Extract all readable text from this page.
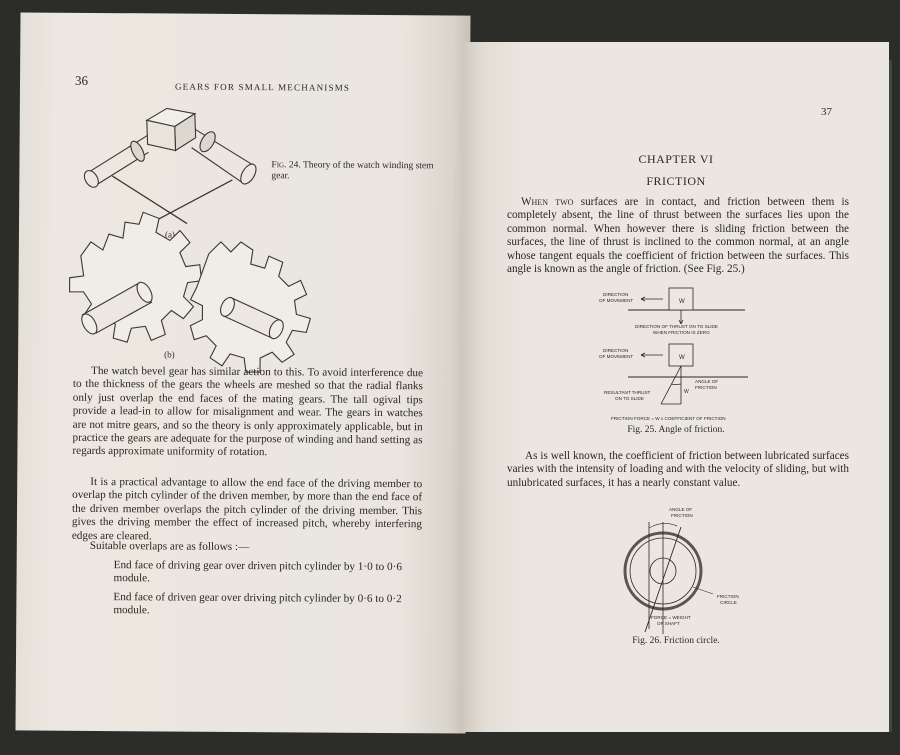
36	GEARS FOR SMALL MECHANISMS
(a)
(b)
Fig. 24. Theory of the watch winding stem gear.

The watch bevel gear has similar action to this. To avoid interference due to the thickness of the gears the wheels are meshed so that the radial flanks only just overlap the end faces of the mating gears. The tall ogival tips provide a lead-in to allow for misalignment and wear. The gears in watches are not mitre gears, and so the theory is only approximately applicable, but in practice the gears are adequate for the purpose of winding and hand setting as regards approximate uniformity of rotation.

It is a practical advantage to allow the end face of the driving member to overlap the pitch cylinder of the driven member, by more than the end face of the driven member overlaps the pitch cylinder of the driving member. This gives the driving member the effect of increased pitch, whereby interfering edges are cleared.

Suitable overlaps are as follows :—

End face of driving gear over driven pitch cylinder by 1·0 to 0·6 module.

End face of driven gear over driving pitch cylinder by 0·6 to 0·2 module.

37
CHAPTER VI
FRICTION

When two surfaces are in contact, and friction between them is completely absent, the line of thrust between the surfaces lies upon the common normal. When however there is sliding friction between the surfaces, the line of thrust is inclined to the common normal, at an angle whose tangent equals the coefficient of friction between the surfaces. This angle is known as the angle of friction. (See Fig. 25.)

DIRECTION
OF MOVEMENT	W
DIRECTION OF THRUST ON TO SLIDE
WHEN FRICTION IS ZERO
DIRECTION
OF MOVEMENT	W
ANGLE OF
FRICTION
W
RESULTANT THRUST
ON TO SLIDE
FRICTION FORCE = W x COEFFICIENT OF FRICTION
Fig. 25. Angle of friction.

As is well known, the coefficient of friction between lubricated surfaces varies with the intensity of loading and with the velocity of sliding, but with unlubricated surfaces, it has a nearly constant value.

ANGLE OF
FRICTION
FRICTION
CIRCLE
FORCE = WEIGHT
OF SHAFT
Fig. 26. Friction circle.
